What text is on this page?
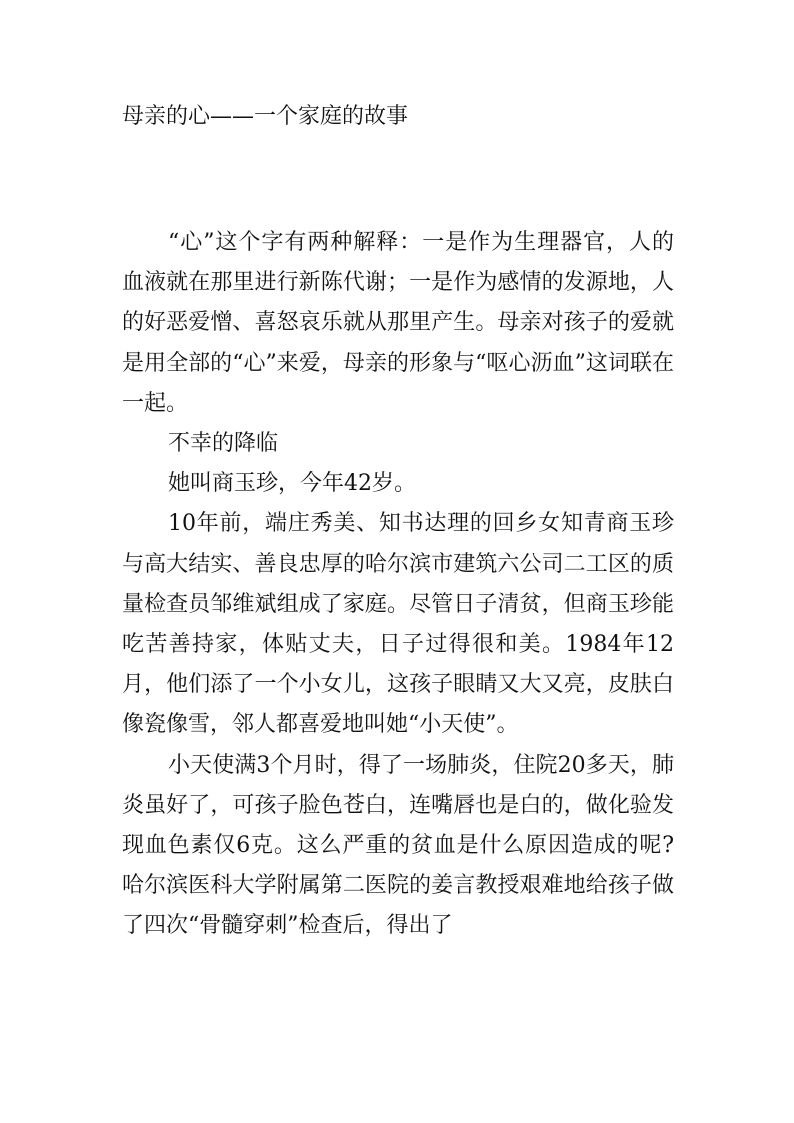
母亲的心——一个家庭的故事

“心”这个字有两种解释：一是作为生理器官，人的血液就在那里进行新陈代谢；一是作为感情的发源地，人的好恶爱憎、喜怒哀乐就从那里产生。母亲对孩子的爱就是用全部的“心”来爱，母亲的形象与“呕心沥血”这词联在一起。

不幸的降临

她叫商玉珍，今年42岁。

10年前，端庄秀美、知书达理的回乡女知青商玉珍与高大结实、善良忠厚的哈尔滨市建筑六公司二工区的质量检查员邹维斌组成了家庭。尽管日子清贫，但商玉珍能吃苦善持家，体贴丈夫，日子过得很和美。1984年12月，他们添了一个小女儿，这孩子眼睛又大又亮，皮肤白像瓷像雪，邻人都喜爱地叫她“小天使”。

小天使满3个月时，得了一场肺炎，住院20多天，肺炎虽好了，可孩子脸色苍白，连嘴唇也是白的，做化验发现血色素仅6克。这么严重的贫血是什么原因造成的呢?哈尔滨医科大学附属第二医院的姜言教授艰难地给孩子做了四次“骨髓穿刺”检查后，得出了
